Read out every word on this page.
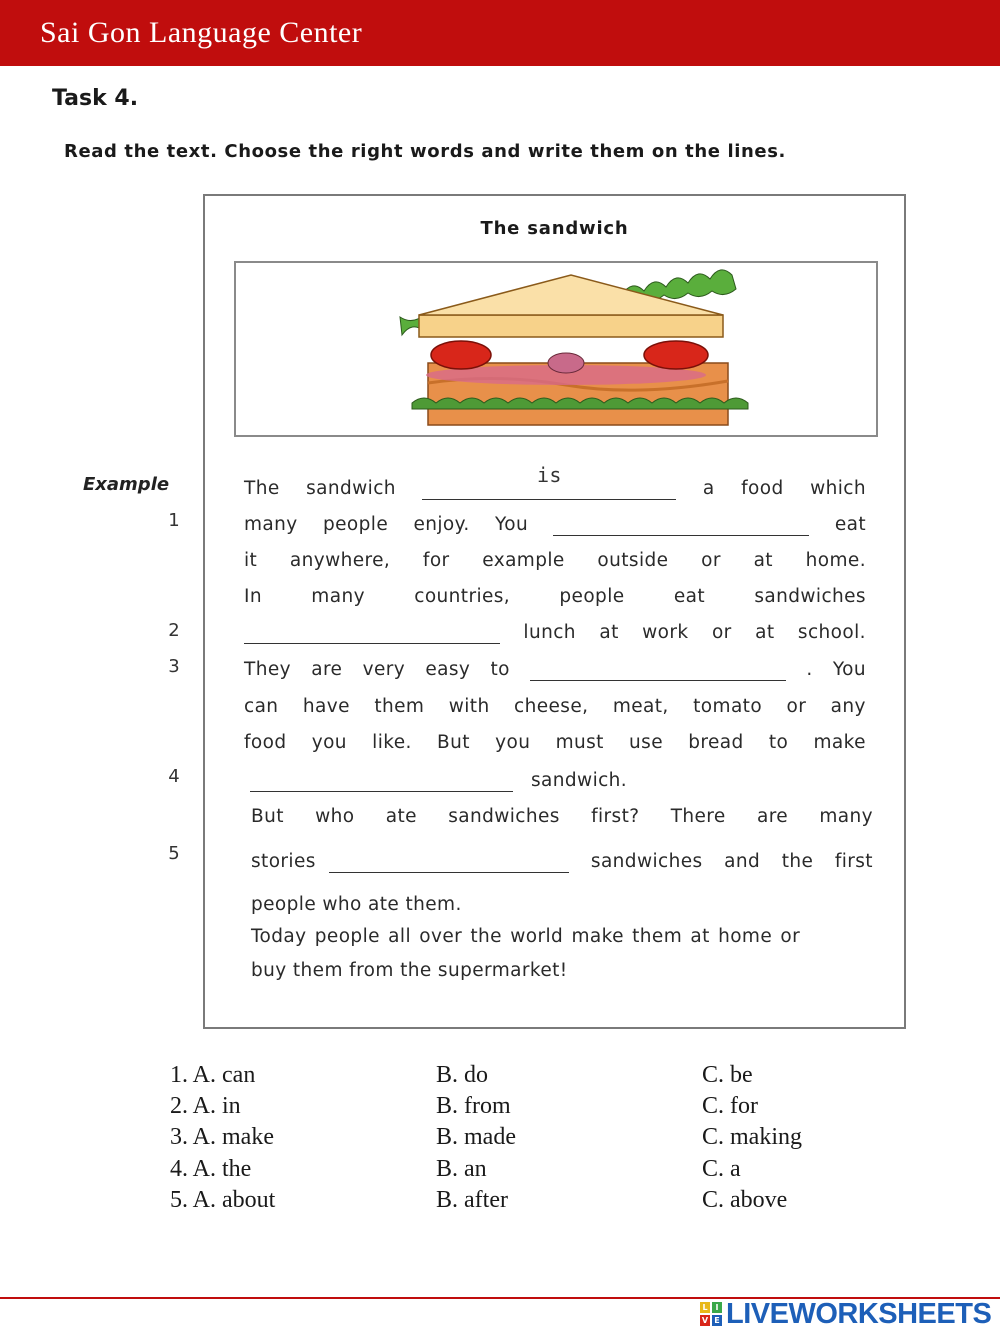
Sai Gon Language Center
Task 4.
Read the text. Choose the right words and write them on the lines.
The sandwich
Example
1
2
3
4
5
The sandwich
is
a food which
many people enjoy. You	eat
it anywhere, for example outside or at home.
In	many	countries,	people	eat	sandwiches
lunch at work or at school.
They are very easy to	. You
can have them with cheese, meat, tomato or any
food you like. But you must use bread to make
sandwich.
But who ate sandwiches first? There are many
stories	sandwiches and the first
people who ate them.
Today people all over the world make them at home or
buy them from the supermarket!
1. A. can	B. do	C. be
2. A. in	B. from	C. for
3. A. make	B. made	C. making
4. A. the	B. an	C. a
5. A. about	B. after	C. above
L I
V E LIVEWORKSHEETS
